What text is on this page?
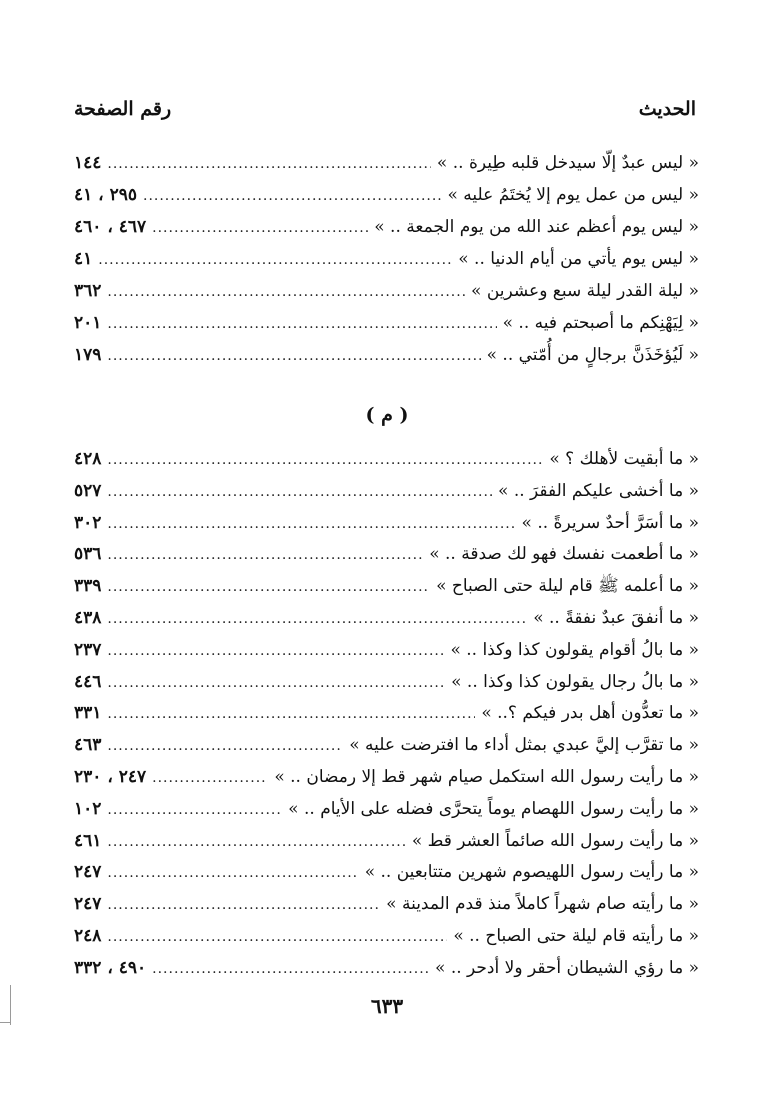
الحديث
رقم الصفحة
« ليس عبدٌ إلّا سيدخل قلبه طِيرة .. »
.....
١٤٤
« ليس من عمل يوم إلا يُختَمُ عليه »
.....
٢٩٥ ، ٤١
« ليس يوم أعظم عند الله من يوم الجمعة .. »
.....
٤٦٧ ، ٤٦٠
« ليس يوم يأتي من أيام الدنيا .. »
.....
٤١
« ليلة القدر ليلة سبع وعشرين »
.....
٣٦٢
« لِيَهْنِكم ما أصبحتم فيه .. »
.....
٢٠١
« لَيُؤخَذَنَّ برجالٍ من أُمّتي .. »
.....
١٧٩
( م )
« ما أبقيت لأهلك ؟ »
.....
٤٢٨
« ما أخشى عليكم الفقرَ .. »
.....
٥٢٧
« ما أسَرَّ أحدٌ سريرةً .. »
.....
٣٠٢
« ما أطعمت نفسك فهو لك صدقة .. »
.....
٥٣٦
« ما أعلمه ﷺ قام ليلة حتى الصباح »
.....
٣٣٩
« ما أنفقَ عبدٌ نفقةً .. »
.....
٤٣٨
« ما بالُ أقوام يقولون كذا وكذا .. »
.....
٢٣٧
« ما بالُ رجال يقولون كذا وكذا .. »
.....
٤٤٦
« ما تعدُّون أهل بدر فيكم ؟.. »
.....
٣٣١
« ما تقرَّب إليَّ عبدي بمثل أداء ما افترضت عليه »
.....
٤٦٣
« ما رأيت رسول الله استكمل صيام شهر قط إلا رمضان .. »
.....
٢٤٧ ، ٢٣٠
« ما رأيت رسول اللهصام يوماً يتحرَّى فضله على الأيام .. »
.....
١٠٢
« ما رأيت رسول الله صائماً العشر قط »
.....
٤٦١
« ما رأيت رسول اللهيصوم شهرين متتابعين .. »
.....
٢٤٧
« ما رأيته صام شهراً كاملاً منذ قدم المدينة »
.....
٢٤٧
« ما رأيته قام ليلة حتى الصباح .. »
.....
٢٤٨
« ما رؤي الشيطان أحقر ولا أدحر .. »
.....
٤٩٠ ، ٣٣٢
٦٣٣
